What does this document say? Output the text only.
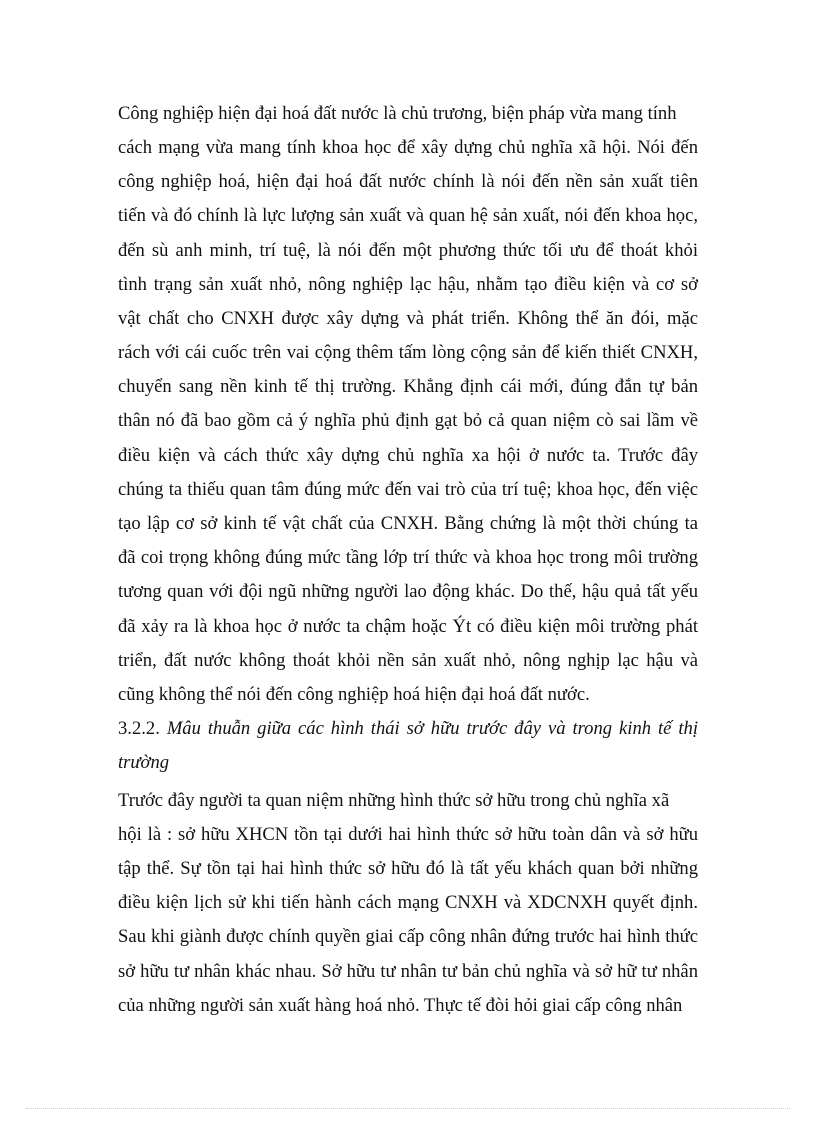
Công nghiệp hiện đại hoá đất nước là chủ trương, biện pháp vừa mang tính
cách mạng vừa mang tính khoa học để xây dựng chủ nghĩa xã hội. Nói đến
công nghiệp hoá, hiện đại hoá đất nước chính là nói đến nền sản xuất tiên
tiến và đó chính là lực lượng sản xuất và quan hệ sản xuất, nói đến khoa học,
đến sù anh minh, trí tuệ, là nói đến một phương thức tối ưu để thoát khỏi
tình trạng sản xuất nhỏ, nông nghiệp lạc hậu, nhằm tạo điều kiện và cơ sở
vật chất cho CNXH được xây dựng và phát triển. Không thể ăn đói, mặc
rách với cái cuốc trên vai cộng thêm tấm lòng cộng sản để kiến thiết CNXH,
chuyển sang nền kinh tế thị trường. Khẳng định cái mới, đúng đắn tự bản
thân nó đã bao gồm cả ý nghĩa phủ định gạt bỏ cả quan niệm cò sai lầm về
điều kiện và cách thức xây dựng chủ nghĩa xa hội ở nước ta. Trước đây
chúng ta thiếu quan tâm đúng mức đến vai trò của trí tuệ; khoa học, đến việc
tạo lập cơ sở kinh tế vật chất của CNXH. Bằng chứng là một thời chúng ta
đã coi trọng không đúng mức tầng lớp trí thức và khoa học trong môi trường
tương quan với đội ngũ những người lao động khác. Do thế, hậu quả tất yếu
đã xảy ra là khoa học ở nước ta chậm hoặc Ýt có điều kiện môi trường phát
triển, đất nước không thoát khỏi nền sản xuất nhỏ, nông nghịp lạc hậu và
cũng không thể nói đến công nghiệp hoá hiện đại hoá đất nước.
3.2.2. Mâu thuẫn giữa các hình thái sở hữu trước đây và trong kinh tế thị
trường
Trước đây người ta quan niệm những hình thức sở hữu trong chủ nghĩa xã
hội là : sở hữu XHCN tồn tại dưới hai hình thức sở hữu toàn dân và sở hữu
tập thể. Sự tồn tại hai hình thức sở hữu đó là tất yếu khách quan bởi những
điều kiện lịch sử khi tiến hành cách mạng CNXH và XDCNXH quyết định.
Sau khi giành được chính quyền giai cấp công nhân đứng trước hai hình thức
sở hữu tư nhân khác nhau. Sở hữu tư nhân tư bản chủ nghĩa và sở hữ tư nhân
của những người sản xuất hàng hoá nhỏ. Thực tế đòi hỏi giai cấp công nhân
